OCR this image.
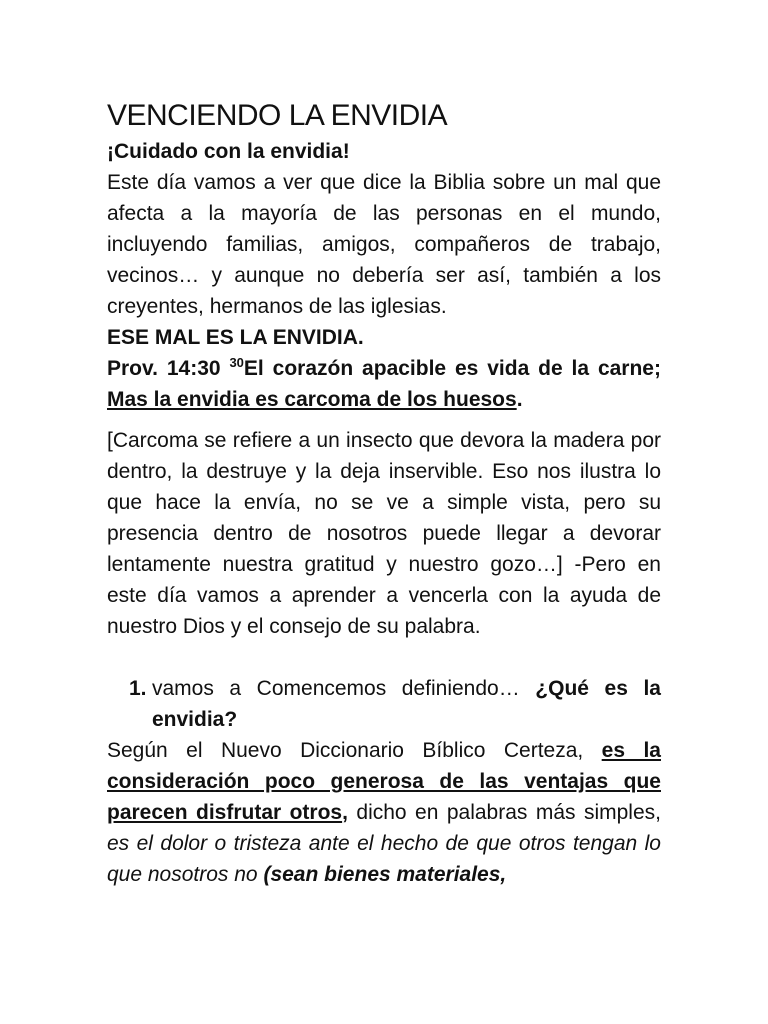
VENCIENDO LA ENVIDIA

¡Cuidado con la envidia!

Este día vamos a ver que dice la Biblia sobre un mal que afecta a la mayoría de las personas en el mundo, incluyendo familias, amigos, compañeros de trabajo, vecinos… y aunque no debería ser así, también a los creyentes, hermanos de las iglesias.

ESE MAL ES LA ENVIDIA.

Prov. 14:30 $^{30}$El corazón apacible es vida de la carne; Mas la envidia es carcoma de los huesos.

[Carcoma se refiere a un insecto que devora la madera por dentro, la destruye y la deja inservible. Eso nos ilustra lo que hace la envía, no se ve a simple vista, pero su presencia dentro de nosotros puede llegar a devorar lentamente nuestra gratitud y nuestro gozo…] -Pero en este día vamos a aprender a vencerla con la ayuda de nuestro Dios y el consejo de su palabra.

1. vamos a Comencemos definiendo… ¿Qué es la envidia?

Según el Nuevo Diccionario Bíblico Certeza, es la consideración poco generosa de las ventajas que parecen disfrutar otros, dicho en palabras más simples, es el dolor o tristeza ante el hecho de que otros tengan lo que nosotros no (sean bienes materiales,
